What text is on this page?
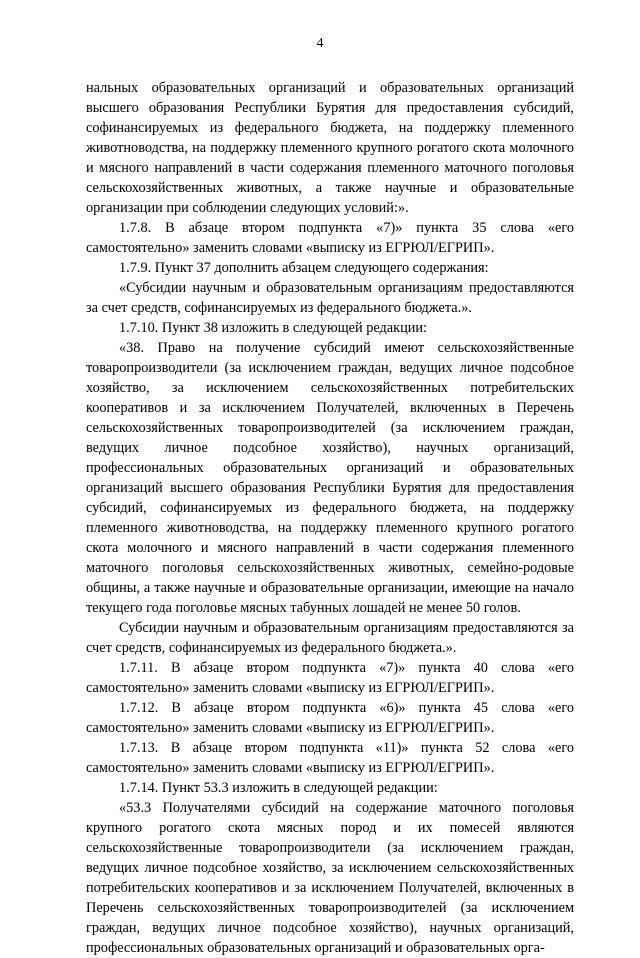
4

нальных образовательных организаций и образовательных организаций высшего образования Республики Бурятия для предоставления субсидий, софинансируемых из федерального бюджета, на поддержку племенного животноводства, на поддержку племенного крупного рогатого скота молочного и мясного направлений в части содержания племенного маточного поголовья сельскохозяйственных животных, а также научные и образовательные организации при соблюдении следующих условий:».

1.7.8. В абзаце втором подпункта «7)» пункта 35 слова «его самостоятельно» заменить словами «выписку из ЕГРЮЛ/ЕГРИП».

1.7.9. Пункт 37 дополнить абзацем следующего содержания:

«Субсидии научным и образовательным организациям предоставляются за счет средств, софинансируемых из федерального бюджета.».

1.7.10. Пункт 38 изложить в следующей редакции:

«38. Право на получение субсидий имеют сельскохозяйственные товаропроизводители (за исключением граждан, ведущих личное подсобное хозяйство, за исключением сельскохозяйственных потребительских кооперативов и за исключением Получателей, включенных в Перечень сельскохозяйственных товаропроизводителей (за исключением граждан, ведущих личное подсобное хозяйство), научных организаций, профессиональных образовательных организаций и образовательных организаций высшего образования Республики Бурятия для предоставления субсидий, софинансируемых из федерального бюджета, на поддержку племенного животноводства, на поддержку племенного крупного рогатого скота молочного и мясного направлений в части содержания племенного маточного поголовья сельскохозяйственных животных, семейно-родовые общины, а также научные и образовательные организации, имеющие на начало текущего года поголовье мясных табунных лошадей не менее 50 голов.

Субсидии научным и образовательным организациям предоставляются за счет средств, софинансируемых из федерального бюджета.».

1.7.11. В абзаце втором подпункта «7)» пункта 40 слова «его самостоятельно» заменить словами «выписку из ЕГРЮЛ/ЕГРИП».

1.7.12. В абзаце втором подпункта «6)» пункта 45 слова «его самостоятельно» заменить словами «выписку из ЕГРЮЛ/ЕГРИП».

1.7.13. В абзаце втором подпункта «11)» пункта 52 слова «его самостоятельно» заменить словами «выписку из ЕГРЮЛ/ЕГРИП».

1.7.14. Пункт 53.3 изложить в следующей редакции:

«53.3 Получателями субсидий на содержание маточного поголовья крупного рогатого скота мясных пород и их помесей являются сельскохозяйственные товаропроизводители (за исключением граждан, ведущих личное подсобное хозяйство, за исключением сельскохозяйственных потребительских кооперативов и за исключением Получателей, включенных в Перечень сельскохозяйственных товаропроизводителей (за исключением граждан, ведущих личное подсобное хозяйство), научных организаций, профессиональных образовательных организаций и образовательных орга-
